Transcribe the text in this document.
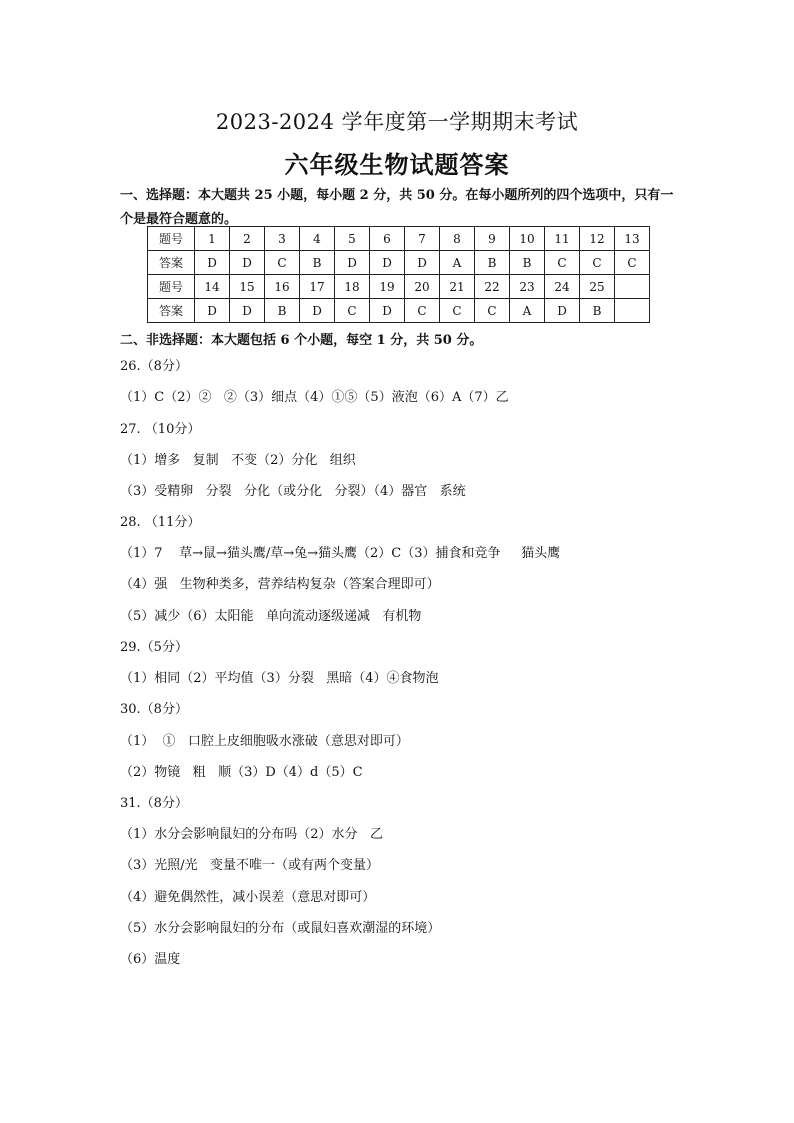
2023-2024 学年度第一学期期末考试
六年级生物试题答案
一、选择题：本大题共 25 小题，每小题 2 分，共 50 分。在每小题所列的四个选项中，只有一个是最符合题意的。
题号	1	2	3	4	5	6	7	8	9	10	11	12	13
答案	D	D	C	B	D	D	D	A	B	B	C	C	C
题号	14	15	16	17	18	19	20	21	22	23	24	25	
答案	D	D	B	D	C	D	C	C	C	A	D	B	
二、非选择题：本大题包括 6 个小题，每空 1 分，共 50 分。
26.（8分）
（1）C（2）②   ②（3）细点（4）①⑤（5）液泡（6）A（7）乙
27. （10分）
（1）增多   复制   不变（2）分化   组织
（3）受精卵   分裂   分化（或分化   分裂）（4）器官   系统
28. （11分）
（1）7    草→鼠→猫头鹰/草→兔→猫头鹰（2）C（3）捕食和竞争     猫头鹰
（4）强   生物种类多，营养结构复杂（答案合理即可）
（5）减少（6）太阳能   单向流动逐级递减   有机物
29.（5分）
（1）相同（2）平均值（3）分裂   黑暗（4）④食物泡
30.（8分）
（1）  ①   口腔上皮细胞吸水涨破（意思对即可）
（2）物镜   粗   顺（3）D（4）d（5）C
31.（8分）
（1）水分会影响鼠妇的分布吗（2）水分   乙
（3）光照/光   变量不唯一（或有两个变量）
（4）避免偶然性，减小误差（意思对即可）
（5）水分会影响鼠妇的分布（或鼠妇喜欢潮湿的环境）
（6）温度
